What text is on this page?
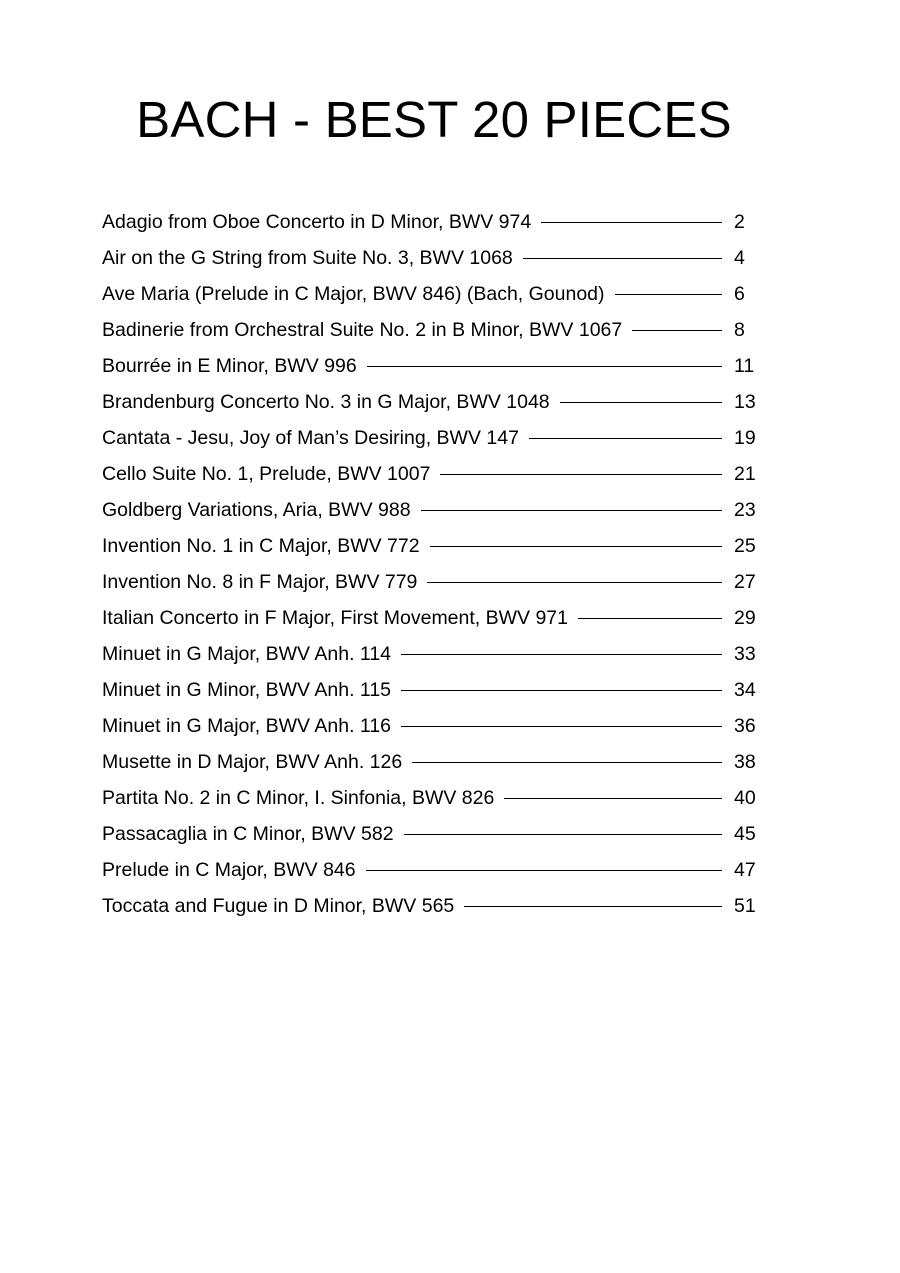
BACH - BEST 20 PIECES
Adagio from Oboe Concerto in D Minor, BWV 974	2
Air on the G String from Suite No. 3, BWV 1068	4
Ave Maria (Prelude in C Major, BWV 846) (Bach, Gounod)	6
Badinerie from Orchestral Suite No. 2 in B Minor, BWV 1067	8
Bourrée in E Minor, BWV 996	11
Brandenburg Concerto No. 3 in G Major, BWV 1048	13
Cantata - Jesu, Joy of Man’s Desiring, BWV 147	19
Cello Suite No. 1, Prelude, BWV 1007	21
Goldberg Variations, Aria, BWV 988	23
Invention No. 1 in C Major, BWV 772	25
Invention No. 8 in F Major, BWV 779	27
Italian Concerto in F Major, First Movement, BWV 971	29
Minuet in G Major, BWV Anh. 114	33
Minuet in G Minor, BWV Anh. 115	34
Minuet in G Major, BWV Anh. 116	36
Musette in D Major, BWV Anh. 126	38
Partita No. 2 in C Minor, I. Sinfonia, BWV 826	40
Passacaglia in C Minor, BWV 582	45
Prelude in C Major, BWV 846	47
Toccata and Fugue in D Minor, BWV 565	51
